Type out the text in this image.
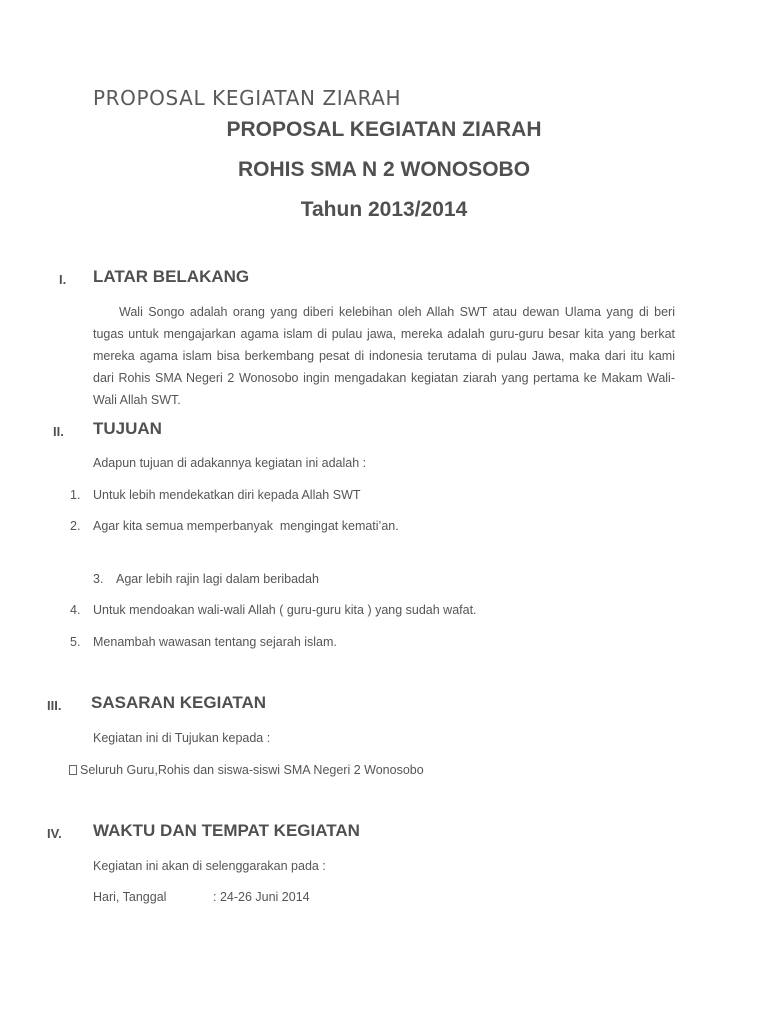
PROPOSAL KEGIATAN ZIARAH
PROPOSAL KEGIATAN ZIARAH
ROHIS SMA N 2 WONOSOBO
Tahun 2013/2014
I. LATAR BELAKANG

Wali Songo adalah orang yang diberi kelebihan oleh Allah SWT atau dewan Ulama yang di beri tugas untuk mengajarkan agama islam di pulau jawa, mereka adalah guru-guru besar kita yang berkat mereka agama islam bisa berkembang pesat di indonesia terutama di pulau Jawa, maka dari itu kami dari Rohis SMA Negeri 2 Wonosobo ingin mengadakan kegiatan ziarah yang pertama ke Makam Wali-Wali Allah SWT.

II. TUJUAN
Adapun tujuan di adakannya kegiatan ini adalah :
1. Untuk lebih mendekatkan diri kepada Allah SWT
2. Agar kita semua memperbanyak  mengingat kemati’an.
3. Agar lebih rajin lagi dalam beribadah
4. Untuk mendoakan wali-wali Allah ( guru-guru kita ) yang sudah wafat.
5. Menambah wawasan tentang sejarah islam.
III. SASARAN KEGIATAN
Kegiatan ini di Tujukan kepada :
Seluruh Guru,Rohis dan siswa-siswi SMA Negeri 2 Wonosobo
IV. WAKTU DAN TEMPAT KEGIATAN
Kegiatan ini akan di selenggarakan pada :
Hari, Tanggal	: 24-26 Juni 2014
